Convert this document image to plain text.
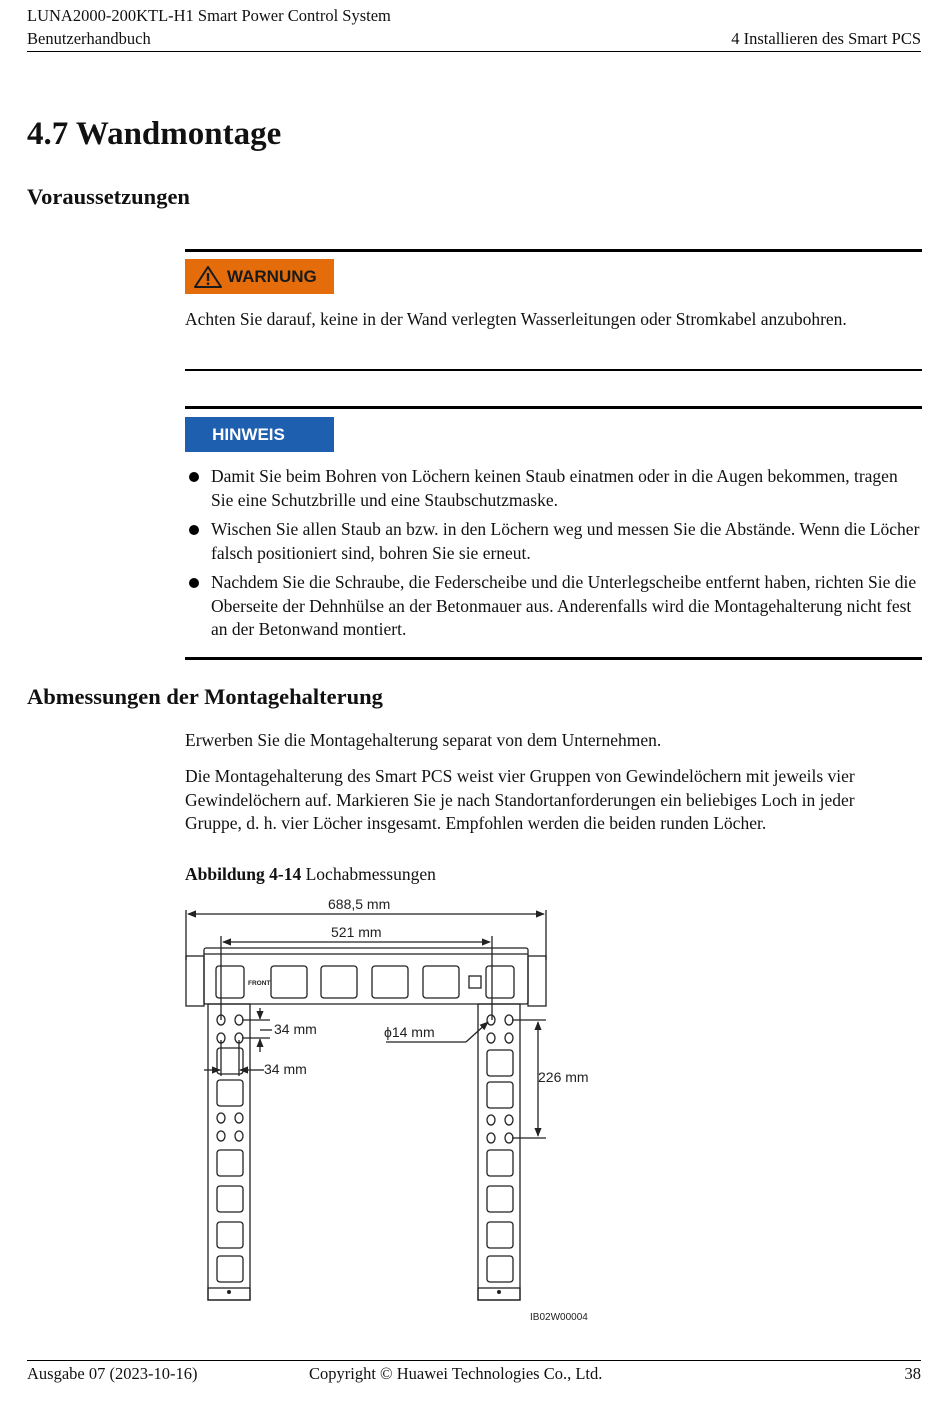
LUNA2000-200KTL-H1 Smart Power Control System
Benutzerhandbuch	4 Installieren des Smart PCS
4.7 Wandmontage
Voraussetzungen
WARNUNG
Achten Sie darauf, keine in der Wand verlegten Wasserleitungen oder Stromkabel anzubohren.
HINWEIS
Damit Sie beim Bohren von Löchern keinen Staub einatmen oder in die Augen bekommen, tragen Sie eine Schutzbrille und eine Staubschutzmaske.
Wischen Sie allen Staub an bzw. in den Löchern weg und messen Sie die Abstände. Wenn die Löcher falsch positioniert sind, bohren Sie sie erneut.
Nachdem Sie die Schraube, die Federscheibe und die Unterlegscheibe entfernt haben, richten Sie die Oberseite der Dehnhülse an der Betonmauer aus. Anderenfalls wird die Montagehalterung nicht fest an der Betonwand montiert.
Abmessungen der Montagehalterung
Erwerben Sie die Montagehalterung separat von dem Unternehmen.
Die Montagehalterung des Smart PCS weist vier Gruppen von Gewindelöchern mit jeweils vier Gewindelöchern auf. Markieren Sie je nach Standortanforderungen ein beliebiges Loch in jeder Gruppe, d. h. vier Löcher insgesamt. Empfohlen werden die beiden runden Löcher.
Abbildung 4-14 Lochabmessungen
FRONT
688,5 mm
521 mm
34 mm
34 mm
ϕ14 mm
226 mm
IB02W00004
Ausgabe 07 (2023-10-16)	Copyright © Huawei Technologies Co., Ltd.	38
